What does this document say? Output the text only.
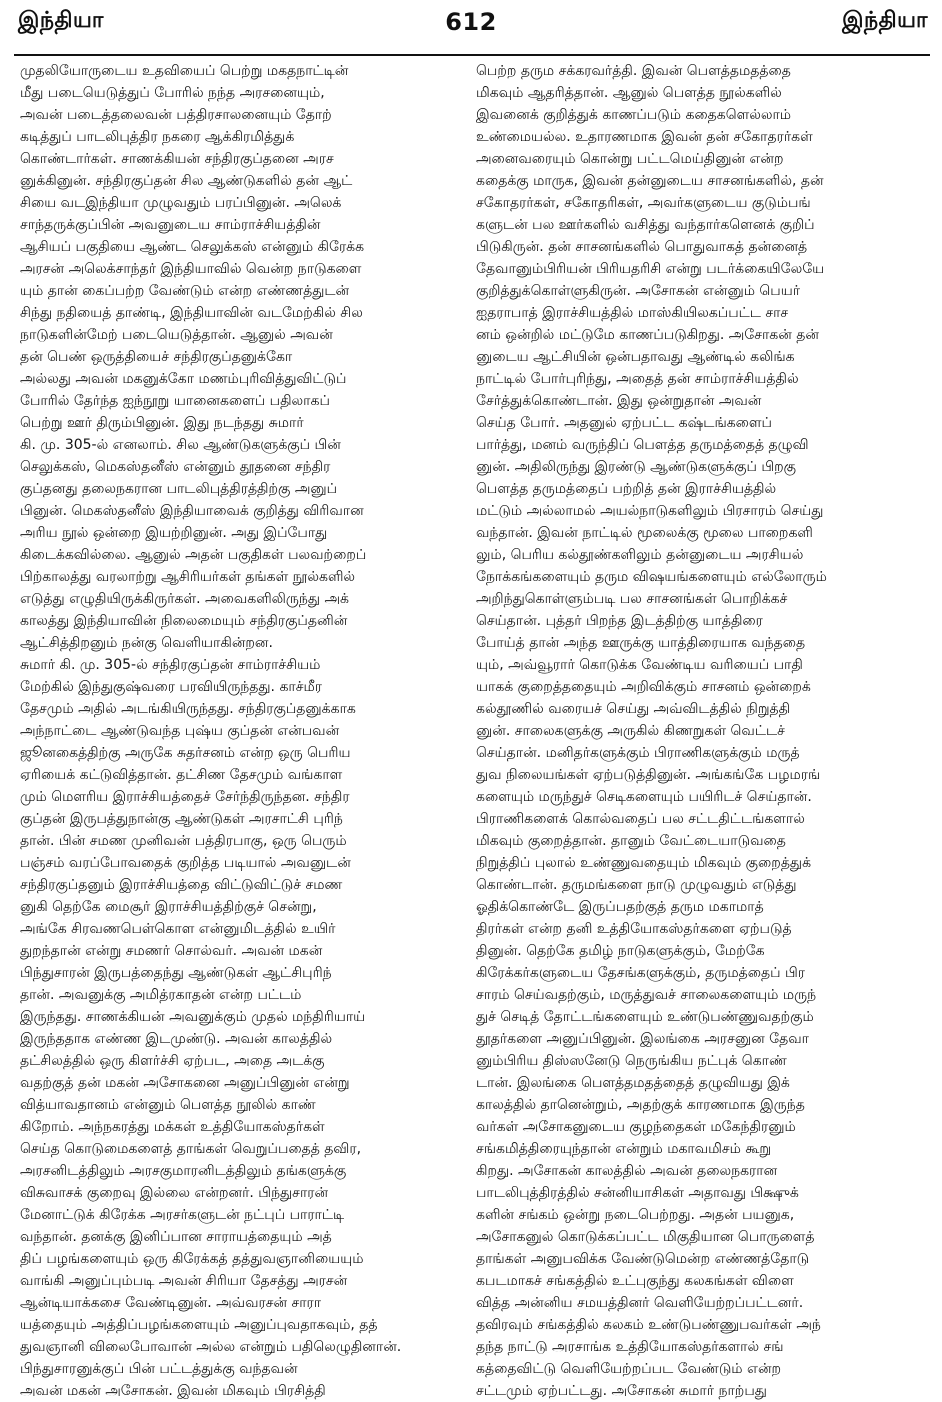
612
இந்தியா	இந்தியா
முதலியோருடைய உதவியைப் பெற்று மகதநாட்டின்
மீது படையெடுத்துப் போரில் நந்த அரசனையும்,
அவன் படைத்தலைவன் பத்திரசாலனையும் தோற்
கடித்துப் பாடலிபுத்திர நகரை ஆக்கிரமித்துக்
கொண்டார்கள். சாணக்கியன் சந்திரகுப்தனை அரச
னுக்கினுன். சந்திரகுப்தன் சில ஆண்டுகளில் தன் ஆட்
சியை வடஇந்தியா முழுவதும் பரப்பினுன். அலெக்
சாந்தருக்குப்பின் அவனுடைய சாம்ராச்சியத்தின்
ஆசியப் பகுதியை ஆண்ட செலுக்கஸ் என்னும் கிரேக்க
அரசன் அலெக்சாந்தர் இந்தியாவில் வென்ற நாடுகளை
யும் தான் கைப்பற்ற வேண்டும் என்ற எண்ணத்துடன்
சிந்து நதியைத் தாண்டி, இந்தியாவின் வடமேற்கில் சில
நாடுகளின்மேற் படையெடுத்தான். ஆனுல் அவன்
தன் பெண் ஒருத்தியைச் சந்திரகுப்தனுக்கோ
அல்லது அவன் மகனுக்கோ மணம்புரிவித்துவிட்டுப்
போரில் தேர்ந்த ஐந்நூறு யானைகளைப் பதிலாகப்
பெற்று ஊர் திரும்பினுன். இது நடந்தது சுமார்
கி. மு. 305-ல் எனலாம். சில ஆண்டுகளுக்குப் பின்
செலுக்கஸ், மெகஸ்தனீஸ் என்னும் தூதனை சந்திர
குப்தனது தலைநகரான பாடலிபுத்திரத்திற்கு அனுப்
பினுன். மெகஸ்தனீஸ் இந்தியாவைக் குறித்து விரிவான
அரிய நூல் ஒன்றை இயற்றினுன். அது இப்போது
கிடைக்கவில்லை. ஆனுல் அதன் பகுதிகள் பலவற்றைப்
பிற்காலத்து வரலாற்று ஆசிரியர்கள் தங்கள் நூல்களில்
எடுத்து எழுதியிருக்கிருர்கள். அவைகளிலிருந்து அக்
காலத்து இந்தியாவின் நிலைமையும் சந்திரகுப்தனின்
ஆட்சித்திறனும் நன்கு வெளியாகின்றன.
சுமார் கி. மு. 305-ல் சந்திரகுப்தன் சாம்ராச்சியம்
மேற்கில் இந்துகுஷ்வரை பரவியிருந்தது. காச்மீர
தேசமும் அதில் அடங்கியிருந்தது. சந்திரகுப்தனுக்காக
அந்நாட்டை ஆண்டுவந்த புஷ்ய குப்தன் என்பவன்
ஜூனகைத்திற்கு அருகே சுதர்சனம் என்ற ஒரு பெரிய
ஏரியைக் கட்டுவித்தான். தட்சிண தேசமும் வங்காள
மும் மௌரிய இராச்சியத்தைச் சேர்ந்திருந்தன. சந்திர
குப்தன் இருபத்துநான்கு ஆண்டுகள் அரசாட்சி புரிந்
தான். பின் சமண முனிவன் பத்திரபாகு, ஒரு பெரும்
பஞ்சம் வரப்போவதைக் குறித்த படியால் அவனுடன்
சந்திரகுப்தனும் இராச்சியத்தை விட்டுவிட்டுச் சமண
னுகி தெற்கே மைசூர் இராச்சியத்திற்குச் சென்று,
அங்கே சிரவணபெள்கொள என்னுமிடத்தில் உயிர்
துறந்தான் என்று சமணர் சொல்வர். அவன் மகன்
பிந்துசாரன் இருபத்தைந்து ஆண்டுகள் ஆட்சிபுரிந்
தான். அவனுக்கு அமித்ரகாதன் என்ற பட்டம்
இருந்தது. சாணக்கியன் அவனுக்கும் முதல் மந்திரியாய்
இருந்ததாக எண்ண இடமுண்டு. அவன் காலத்தில்
தட்சிலத்தில் ஒரு கிளர்ச்சி ஏற்பட, அதை அடக்கு
வதற்குத் தன் மகன் அசோகனை அனுப்பினுன் என்று
வித்யாவதானம் என்னும் பௌத்த நூலில் காண்
கிறோம். அந்நகரத்து மக்கள் உத்தியோகஸ்தர்கள்
செய்த கொடுமைகளைத் தாங்கள் வெறுப்பதைத் தவிர,
அரசனிடத்திலும் அரசகுமாரனிடத்திலும் தங்களுக்கு
விசுவாசக் குறைவு இல்லை என்றனர். பிந்துசாரன்
மேனாட்டுக் கிரேக்க அரசர்களுடன் நட்புப் பாராட்டி
வந்தான். தனக்கு இனிப்பான சாராயத்தையும் அத்
திப் பழங்களையும் ஒரு கிரேக்கத் தத்துவஞானியையும்
வாங்கி அனுப்பும்படி அவன் சிரியா தேசத்து அரசன்
ஆன்டியாக்கசை வேண்டினுன். அவ்வரசன் சாரா
யத்தையும் அத்திப்பழங்களையும் அனுப்புவதாகவும், தத்
துவஞானி விலைபோவான் அல்ல என்றும் பதிலெழுதினான்.
பிந்துசாரனுக்குப் பின் பட்டத்துக்கு வந்தவன்
அவன் மகன் அசோகன். இவன் மிகவும் பிரசித்தி
பெற்ற தரும சக்கரவர்த்தி. இவன் பௌத்தமதத்தை
மிகவும் ஆதரித்தான். ஆனுல் பௌத்த நூல்களில்
இவனைக் குறித்துக் காணப்படும் கதைகளெல்லாம்
உண்மையல்ல. உதாரணமாக இவன் தன் சகோதரர்கள்
அனைவரையும் கொன்று பட்டமெய்தினுன் என்ற
கதைக்கு மாருக, இவன் தன்னுடைய சாசனங்களில், தன்
சகோதரர்கள், சகோதரிகள், அவர்களுடைய குடும்பங்
களுடன் பல ஊர்களில் வசித்து வந்தார்களெனக் குறிப்
பிடுகிருன். தன் சாசனங்களில் பொதுவாகத் தன்னைத்
தேவானும்பிரியன் பிரியதரிசி என்று படர்க்கையிலேயே
குறித்துக்கொள்ளுகிருன். அசோகன் என்னும் பெயர்
ஐதராபாத் இராச்சியத்தில் மாஸ்கியிலகப்பட்ட சாச
னம் ஒன்றில் மட்டுமே காணப்படுகிறது. அசோகன் தன்
னுடைய ஆட்சியின் ஒன்பதாவது ஆண்டில் கலிங்க
நாட்டில் போர்புரிந்து, அதைத் தன் சாம்ராச்சியத்தில்
சேர்த்துக்கொண்டான். இது ஒன்றுதான் அவன்
செய்த போர். அதனுல் ஏற்பட்ட கஷ்டங்களைப்
பார்த்து, மனம் வருந்திப் பௌத்த தருமத்தைத் தழுவி
னுன். அதிலிருந்து இரண்டு ஆண்டுகளுக்குப் பிறகு
பௌத்த தருமத்தைப் பற்றித் தன் இராச்சியத்தில்
மட்டும் அல்லாமல் அயல்நாடுகளிலும் பிரசாரம் செய்து
வந்தான். இவன் நாட்டில் மூலைக்கு மூலை பாறைகளி
லும், பெரிய கல்தூண்களிலும் தன்னுடைய அரசியல்
நோக்கங்களையும் தரும விஷயங்களையும் எல்லோரும்
அறிந்துகொள்ளும்படி பல சாசனங்கள் பொறிக்கச்
செய்தான். புத்தர் பிறந்த இடத்திற்கு யாத்திரை
போய்த் தான் அந்த ஊருக்கு யாத்திரையாக வந்ததை
யும், அவ்வூரார் கொடுக்க வேண்டிய வரியைப் பாதி
யாகக் குறைத்ததையும் அறிவிக்கும் சாசனம் ஒன்றைக்
கல்தூணில் வரையச் செய்து அவ்விடத்தில் நிறுத்தி
னுன். சாலைகளுக்கு அருகில் கிணறுகள் வெட்டச்
செய்தான். மனிதர்களுக்கும் பிராணிகளுக்கும் மருத்
துவ நிலையங்கள் ஏற்படுத்தினுன். அங்கங்கே பழமரங்
களையும் மருந்துச் செடிகளையும் பயிரிடச் செய்தான்.
பிராணிகளைக் கொல்வதைப் பல சட்டதிட்டங்களால்
மிகவும் குறைத்தான். தானும் வேட்டையாடுவதை
நிறுத்திப் புலால் உண்ணுவதையும் மிகவும் குறைத்துக்
கொண்டான். தருமங்களை நாடு முழுவதும் எடுத்து
ஓதிக்கொண்டே இருப்பதற்குத் தரும மகாமாத்
திரர்கள் என்ற தனி உத்தியோகஸ்தர்களை ஏற்படுத்
தினுன். தெற்கே தமிழ் நாடுகளுக்கும், மேற்கே
கிரேக்கர்களுடைய தேசங்களுக்கும், தருமத்தைப் பிர
சாரம் செய்வதற்கும், மருத்துவச் சாலைகளையும் மருந்
துச் செடித் தோட்டங்களையும் உண்டுபண்ணுவதற்கும்
தூதர்களை அனுப்பினுன். இலங்கை அரசனுன தேவா
னும்பிரிய திஸ்ஸனேடு நெருங்கிய நட்புக் கொண்
டான். இலங்கை பௌத்தமதத்தைத் தழுவியது இக்
காலத்தில் தானென்றும், அதற்குக் காரணமாக இருந்த
வர்கள் அசோகனுடைய குழந்தைகள் மகேந்திரனும்
சங்கமித்திரையுந்தான் என்றும் மகாவமிசம் கூறு
கிறது. அசோகன் காலத்தில் அவன் தலைநகரான
பாடலிபுத்திரத்தில் சன்னியாசிகள் அதாவது பிக்ஷுக்
களின் சங்கம் ஒன்று நடைபெற்றது. அதன் பயனுக,
அசோகனுல் கொடுக்கப்பட்ட மிகுதியான பொருளைத்
தாங்கள் அனுபவிக்க வேண்டுமென்ற எண்ணத்தோடு
கபடமாகச் சங்கத்தில் உட்புகுந்து கலகங்கள் விளை
வித்த அன்னிய சமயத்தினர் வெளியேற்றப்பட்டனர்.
தவிரவும் சங்கத்தில் கலகம் உண்டுபண்ணுபவர்கள் அந்
தந்த நாட்டு அரசாங்க உத்தியோகஸ்தர்களால் சங்
கத்தைவிட்டு வெளியேற்றப்பட வேண்டும் என்ற
சட்டமும் ஏற்பட்டது. அசோகன் சுமார் நாற்பது
